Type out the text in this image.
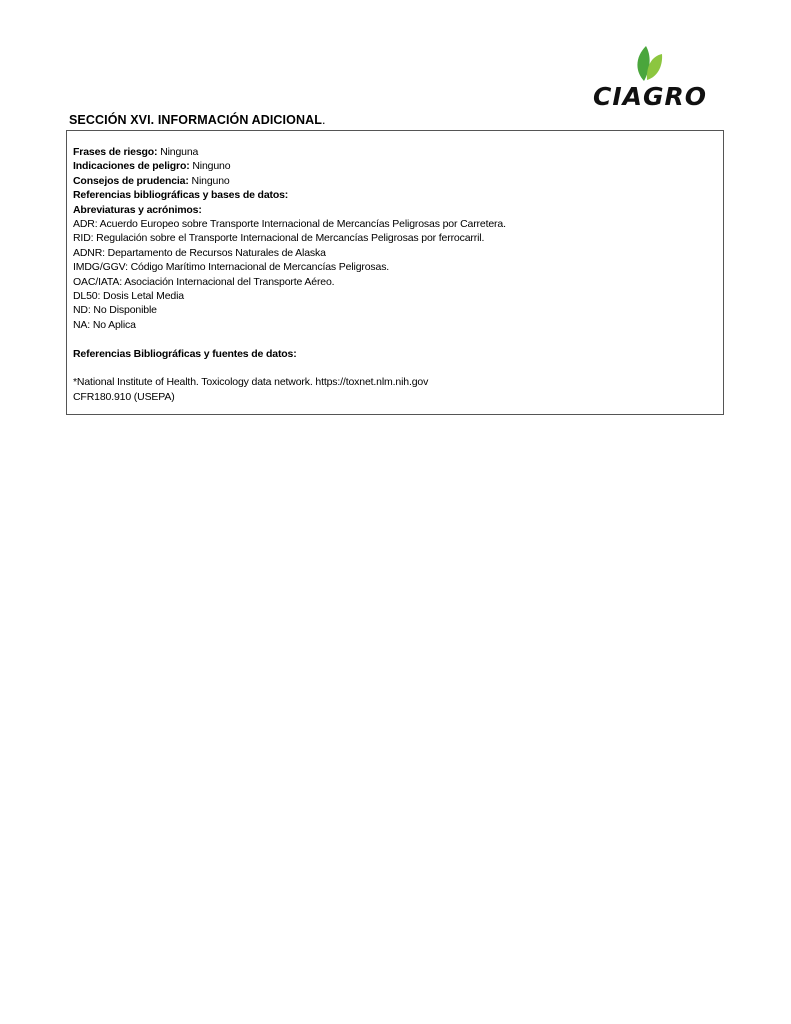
CIAGRO
SECCIÓN XVI. INFORMACIÓN ADICIONAL.
Frases de riesgo: Ninguna
Indicaciones de peligro: Ninguno
Consejos de prudencia: Ninguno
Referencias bibliográficas y bases de datos:
Abreviaturas y acrónimos:
ADR: Acuerdo Europeo sobre Transporte Internacional de Mercancías Peligrosas por Carretera.
RID: Regulación sobre el Transporte Internacional de Mercancías Peligrosas por ferrocarril.
ADNR: Departamento de Recursos Naturales de Alaska
IMDG/GGV: Código Marítimo Internacional de Mercancías Peligrosas.
OAC/IATA: Asociación Internacional del Transporte Aéreo.
DL50: Dosis Letal Media
ND: No Disponible
NA: No Aplica
Referencias Bibliográficas y fuentes de datos:
*National Institute of Health. Toxicology data network. https://toxnet.nlm.nih.gov
CFR180.910 (USEPA)
